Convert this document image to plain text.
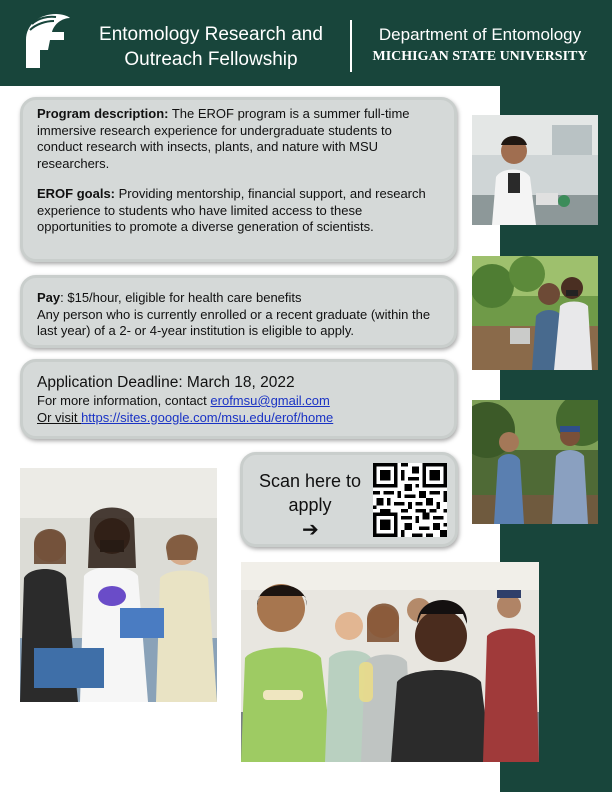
Entomology Research and Outreach Fellowship
Department of Entomology
MICHIGAN STATE UNIVERSITY

Program description: The EROF program is a summer full-time immersive research experience for undergraduate students to conduct research with insects, plants, and nature with MSU researchers.

EROF goals: Providing mentorship, financial support, and research experience to students who have limited access to these opportunities to promote a diverse generation of scientists.

Pay: $15/hour, eligible for health care benefits
Any person who is currently enrolled or a recent graduate (within the last year) of a 2- or 4-year institution is eligible to apply.
Application Deadline: March 18, 2022
For more information, contact erofmsu@gmail.com
Or visit https://sites.google.com/msu.edu/erof/home
Scan here to apply
➔
